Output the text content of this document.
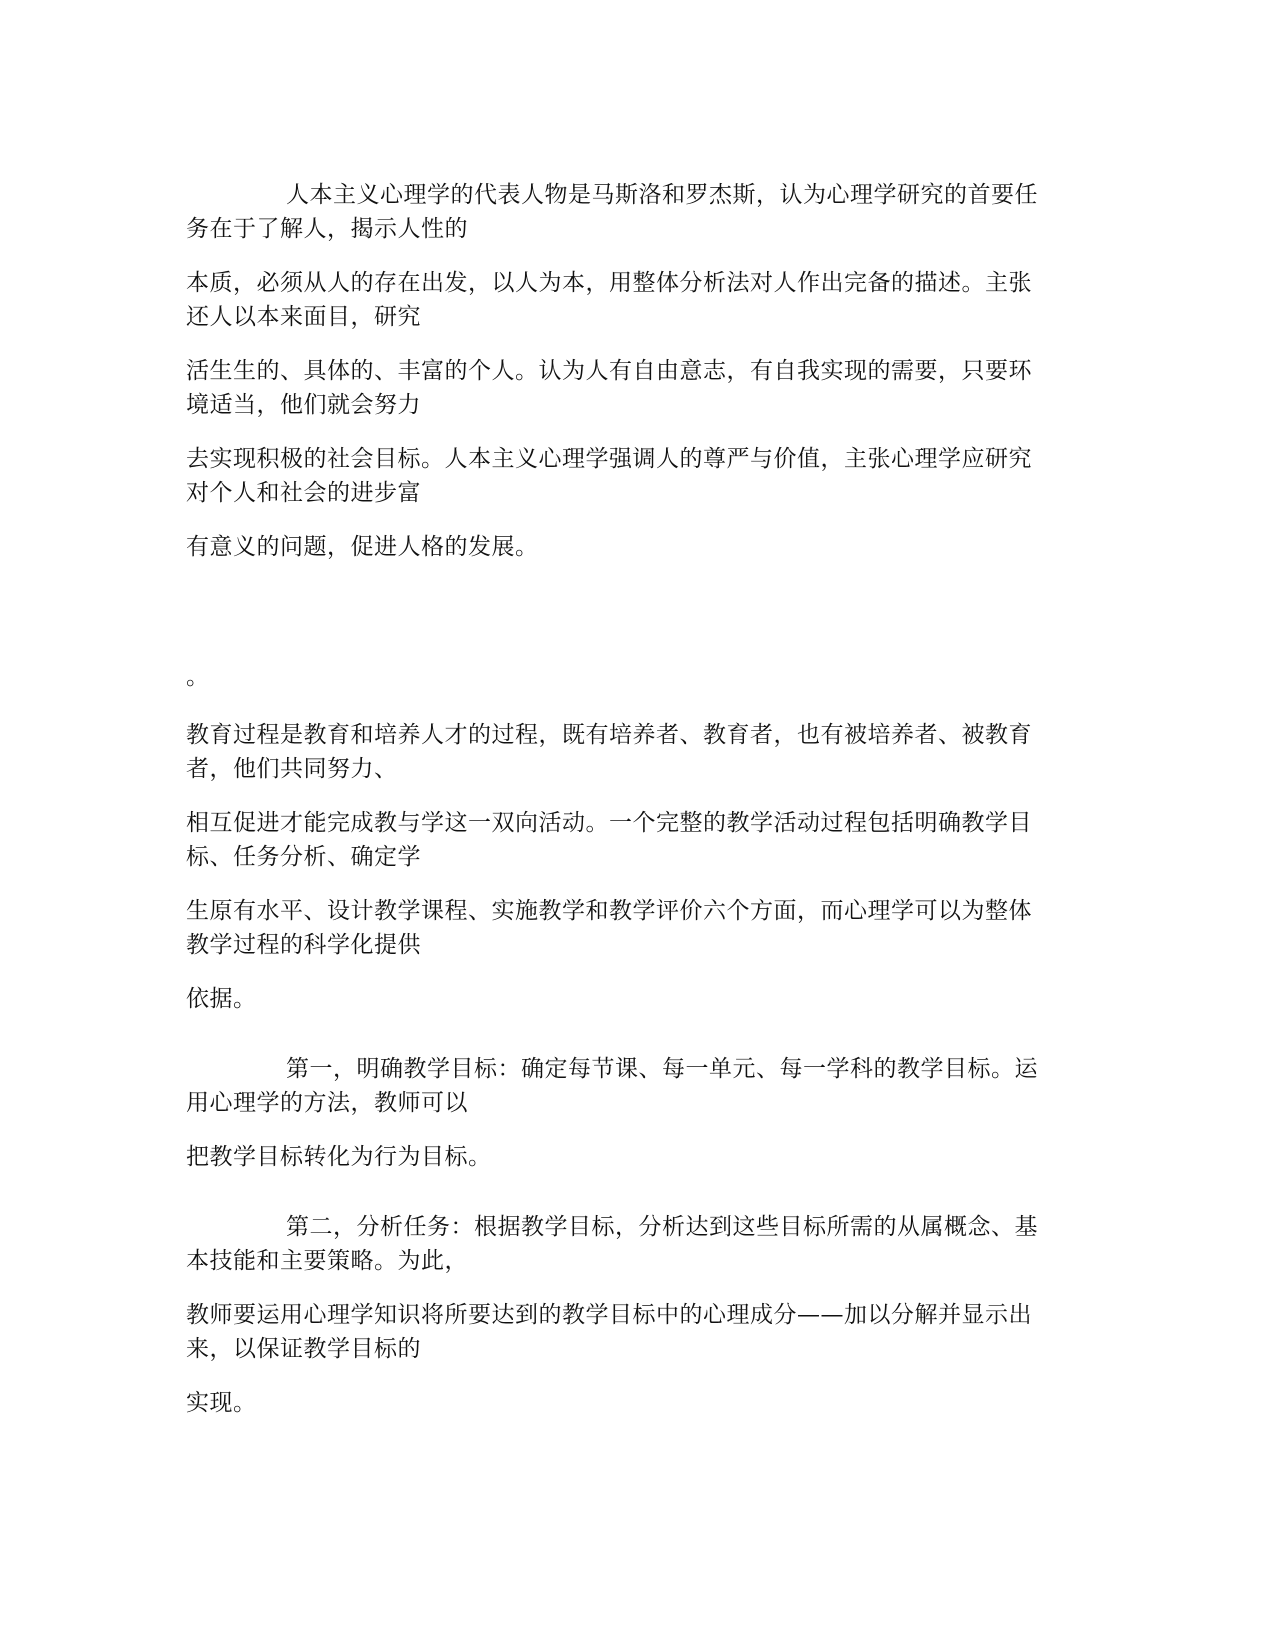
人本主义心理学的代表人物是马斯洛和罗杰斯，认为心理学研究的首要任
务在于了解人，揭示人性的
本质，必须从人的存在出发，以人为本，用整体分析法对人作出完备的描述。主张
还人以本来面目，研究
活生生的、具体的、丰富的个人。认为人有自由意志，有自我实现的需要，只要环
境适当，他们就会努力
去实现积极的社会目标。人本主义心理学强调人的尊严与价值，主张心理学应研究
对个人和社会的进步富
有意义的问题，促进人格的发展。
。
教育过程是教育和培养人才的过程，既有培养者、教育者，也有被培养者、被教育
者，他们共同努力、
相互促进才能完成教与学这一双向活动。一个完整的教学活动过程包括明确教学目
标、任务分析、确定学
生原有水平、设计教学课程、实施教学和教学评价六个方面，而心理学可以为整体
教学过程的科学化提供
依据。
第一，明确教学目标：确定每节课、每一单元、每一学科的教学目标。运
用心理学的方法，教师可以
把教学目标转化为行为目标。
第二，分析任务：根据教学目标，分析达到这些目标所需的从属概念、基
本技能和主要策略。为此，
教师要运用心理学知识将所要达到的教学目标中的心理成分——加以分解并显示出
来，以保证教学目标的
实现。
